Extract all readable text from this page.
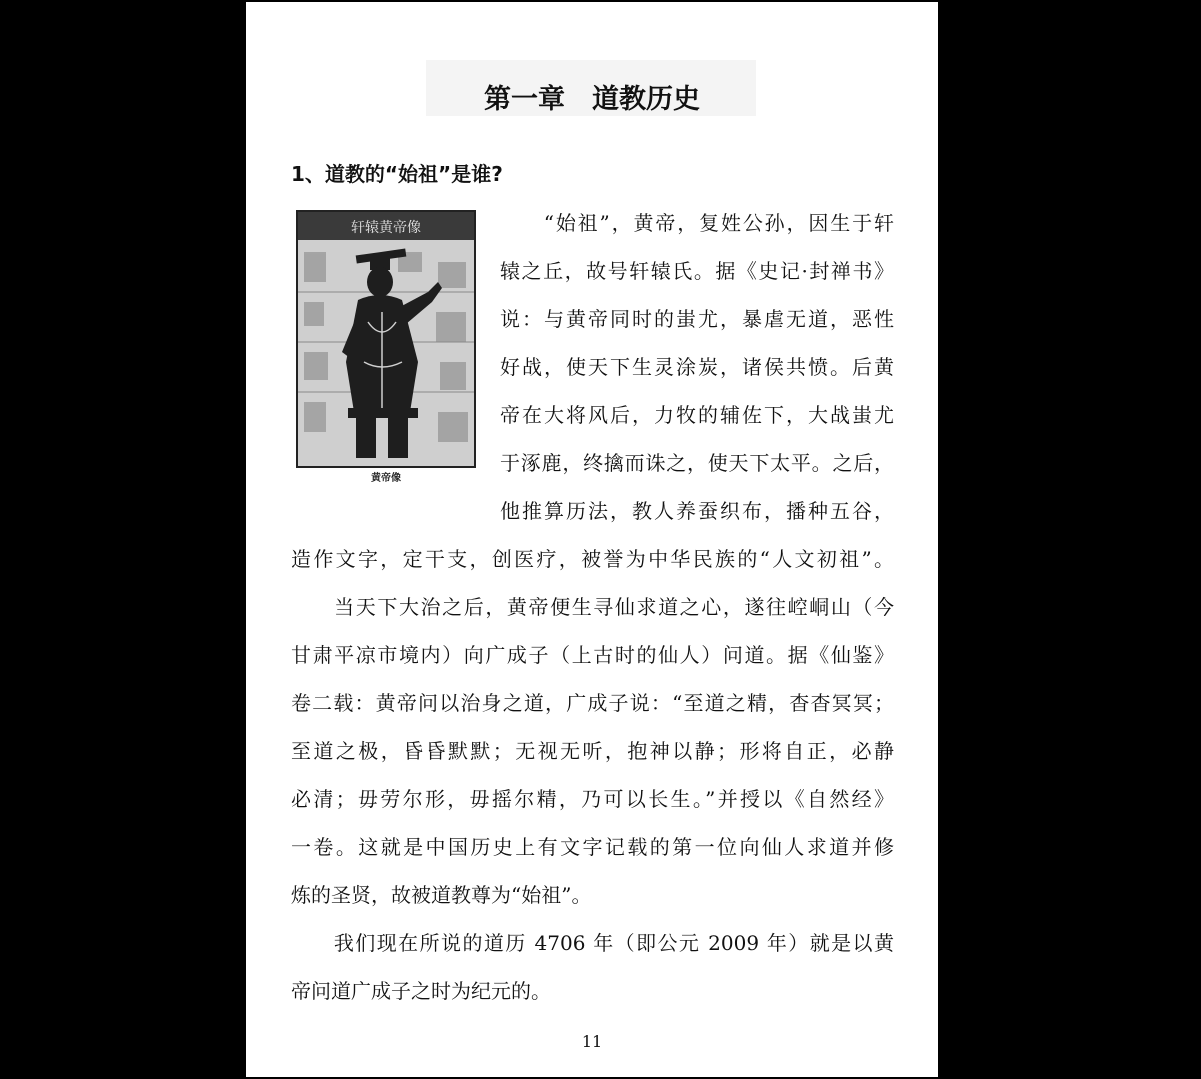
第一章　道教历史
1、道教的“始祖”是谁?
轩辕黄帝像
黄帝像
　　“始祖”，黄帝，复姓公孙，因生于轩
辕之丘，故号轩辕氏。据《史记·封禅书》
说：与黄帝同时的蚩尤，暴虐无道，恶性
好战，使天下生灵涂炭，诸侯共愤。后黄
帝在大将风后，力牧的辅佐下，大战蚩尤
于涿鹿，终擒而诛之，使天下太平。之后，
他推算历法，教人养蚕织布，播种五谷，
造作文字，定干支，创医疗，被誉为中华民族的“人文初祖”。
　　当天下大治之后，黄帝便生寻仙求道之心，遂往崆峒山（今
甘肃平凉市境内）向广成子（上古时的仙人）问道。据《仙鉴》
卷二载：黄帝问以治身之道，广成子说：“至道之精，杳杳冥冥；
至道之极，昏昏默默；无视无听，抱神以静；形将自正，必静
必清；毋劳尔形，毋摇尔精，乃可以长生。”并授以《自然经》
一卷。这就是中国历史上有文字记载的第一位向仙人求道并修
炼的圣贤，故被道教尊为“始祖”。
　　我们现在所说的道历 4706 年（即公元 2009 年）就是以黄
帝问道广成子之时为纪元的。
11
